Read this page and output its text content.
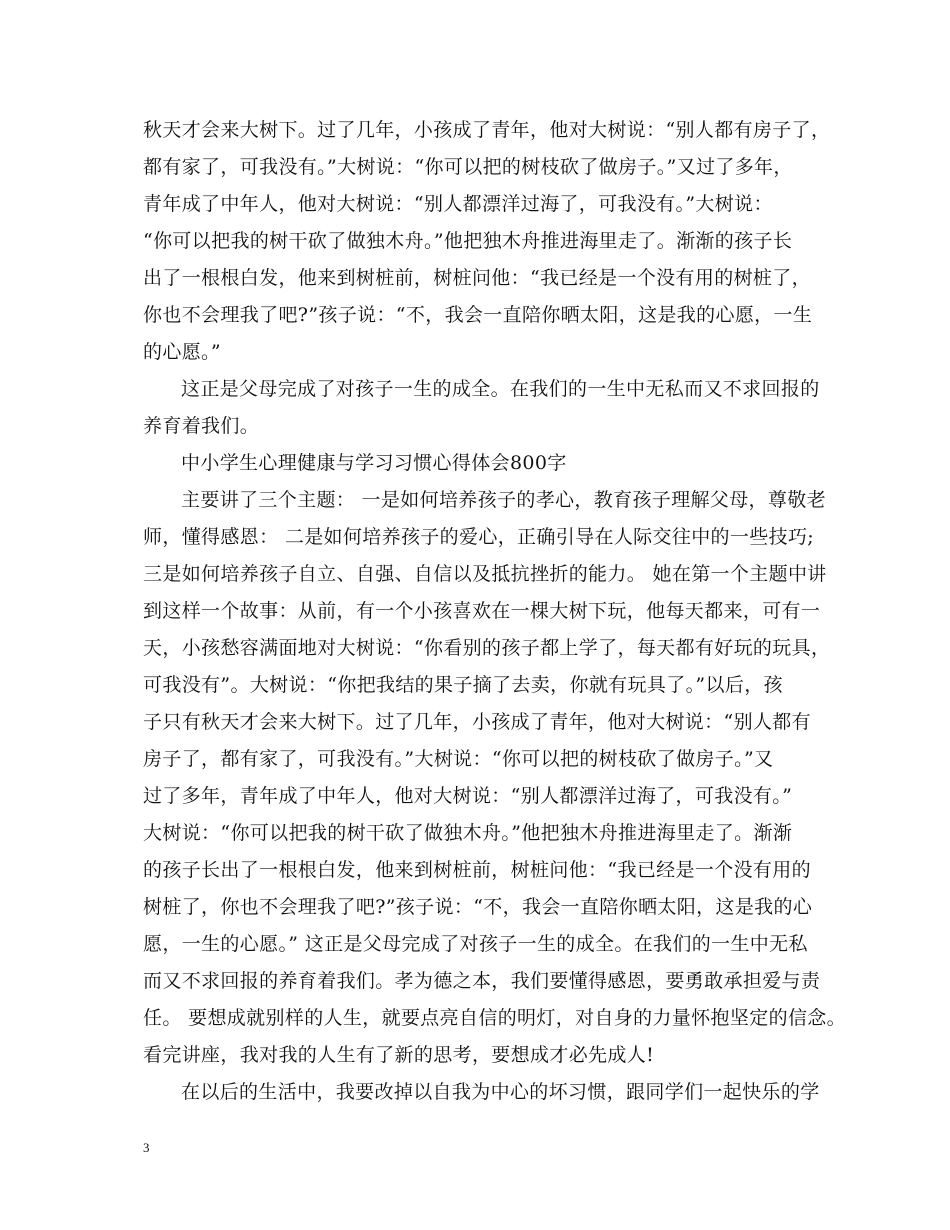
秋天才会来大树下。过了几年，小孩成了青年，他对大树说：“别人都有房子了，
都有家了，可我没有。”大树说：“你可以把的树枝砍了做房子。”又过了多年，
青年成了中年人，他对大树说：“别人都漂洋过海了，可我没有。”大树说：
“你可以把我的树干砍了做独木舟。”他把独木舟推进海里走了。渐渐的孩子长
出了一根根白发，他来到树桩前，树桩问他：“我已经是一个没有用的树桩了，
你也不会理我了吧?”孩子说：“不，我会一直陪你晒太阳，这是我的心愿，一生
的心愿。”
这正是父母完成了对孩子一生的成全。在我们的一生中无私而又不求回报的
养育着我们。
中小学生心理健康与学习习惯心得体会800字
主要讲了三个主题： 一是如何培养孩子的孝心，教育孩子理解父母，尊敬老
师，懂得感恩： 二是如何培养孩子的爱心，正确引导在人际交往中的一些技巧;
三是如何培养孩子自立、自强、自信以及抵抗挫折的能力。 她在第一个主题中讲
到这样一个故事：从前，有一个小孩喜欢在一棵大树下玩，他每天都来，可有一
天，小孩愁容满面地对大树说：“你看别的孩子都上学了，每天都有好玩的玩具，
可我没有”。大树说：“你把我结的果子摘了去卖，你就有玩具了。”以后，孩
子只有秋天才会来大树下。过了几年，小孩成了青年，他对大树说：“别人都有
房子了，都有家了，可我没有。”大树说：“你可以把的树枝砍了做房子。”又
过了多年，青年成了中年人，他对大树说：“别人都漂洋过海了，可我没有。”
大树说：“你可以把我的树干砍了做独木舟。”他把独木舟推进海里走了。渐渐
的孩子长出了一根根白发，他来到树桩前，树桩问他：“我已经是一个没有用的
树桩了，你也不会理我了吧?”孩子说：“不，我会一直陪你晒太阳，这是我的心
愿，一生的心愿。” 这正是父母完成了对孩子一生的成全。在我们的一生中无私
而又不求回报的养育着我们。孝为德之本，我们要懂得感恩，要勇敢承担爱与责
任。 要想成就别样的人生，就要点亮自信的明灯，对自身的力量怀抱坚定的信念。
看完讲座，我对我的人生有了新的思考，要想成才必先成人!
在以后的生活中，我要改掉以自我为中心的坏习惯，跟同学们一起快乐的学
3
